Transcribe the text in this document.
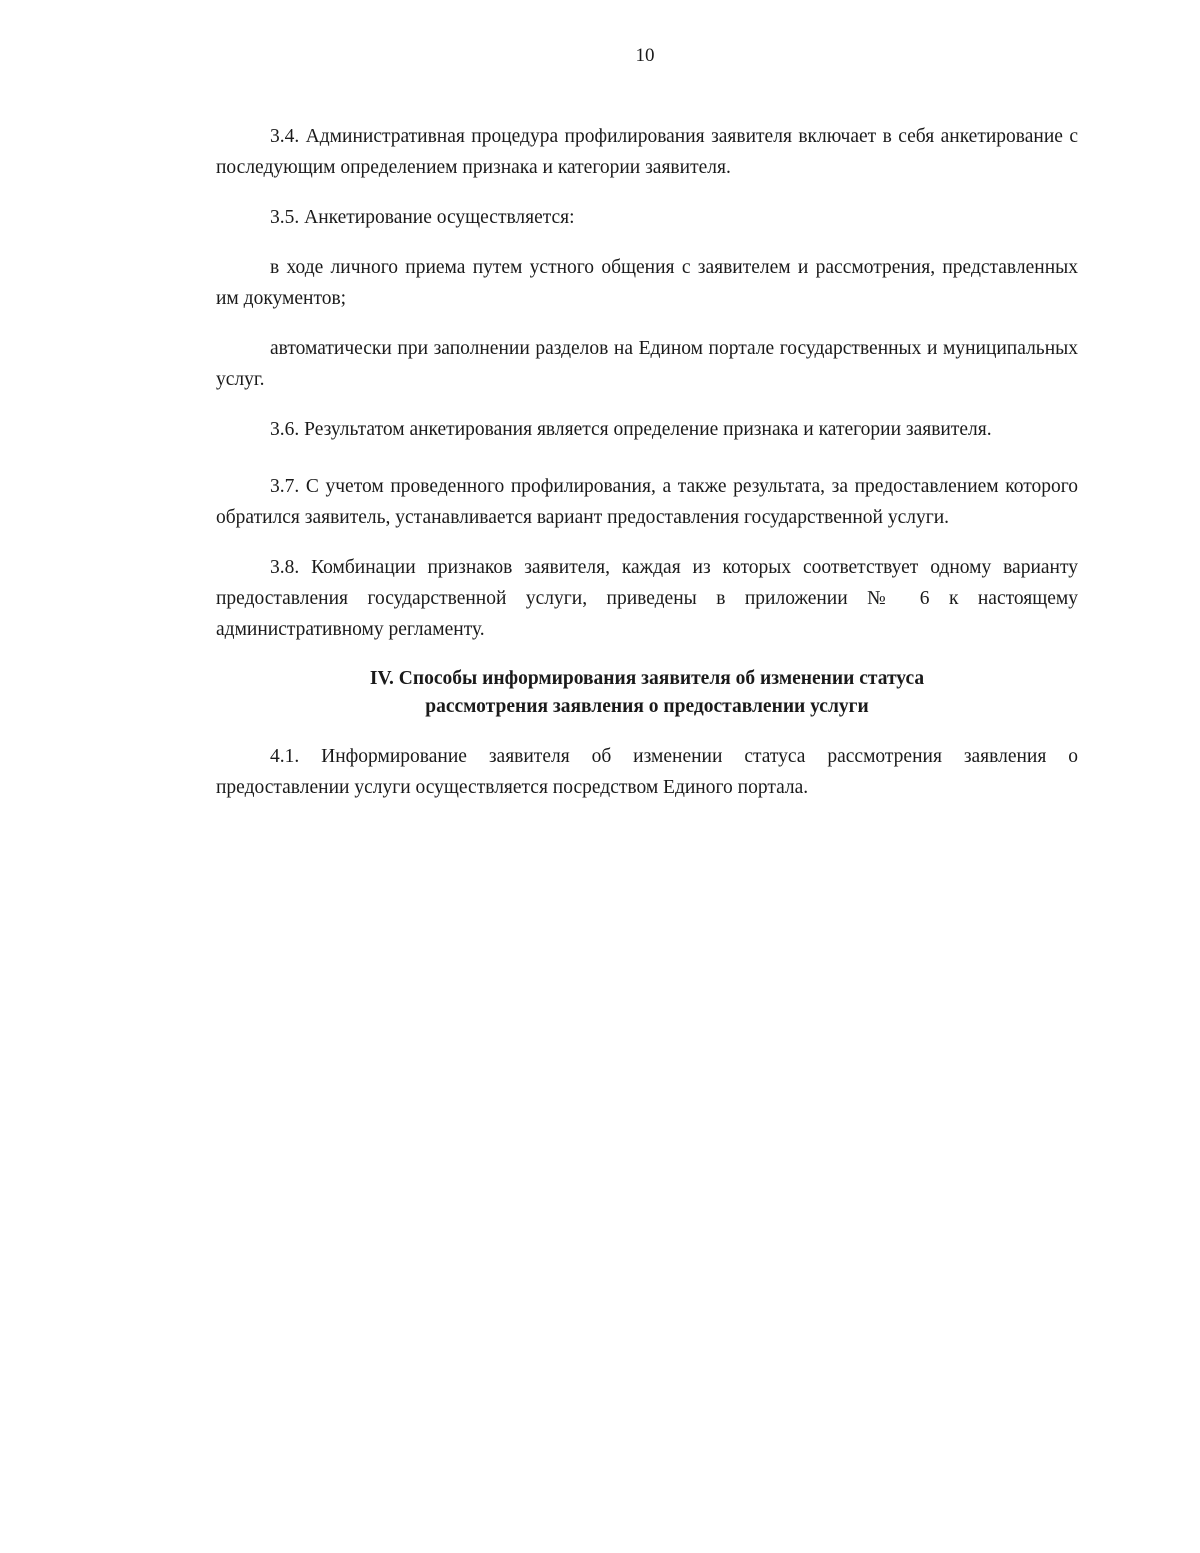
10

3.4. Административная процедура профилирования заявителя включает в себя анкетирование с последующим определением признака и категории заявителя.

3.5. Анкетирование осуществляется:

в ходе личного приема путем устного общения с заявителем и рассмотрения, представленных им документов;

автоматически при заполнении разделов на Едином портале государственных и муниципальных услуг.

3.6. Результатом анкетирования является определение признака и категории заявителя.

3.7. С учетом проведенного профилирования, а также результата, за предоставлением которого обратился заявитель, устанавливается вариант предоставления государственной услуги.

3.8. Комбинации признаков заявителя, каждая из которых соответствует одному варианту предоставления государственной услуги, приведены в приложении № 6 к настоящему административному регламенту.

IV. Способы информирования заявителя об изменении статуса
рассмотрения заявления о предоставлении услуги

4.1. Информирование заявителя об изменении статуса рассмотрения заявления о предоставлении услуги осуществляется посредством Единого портала.
